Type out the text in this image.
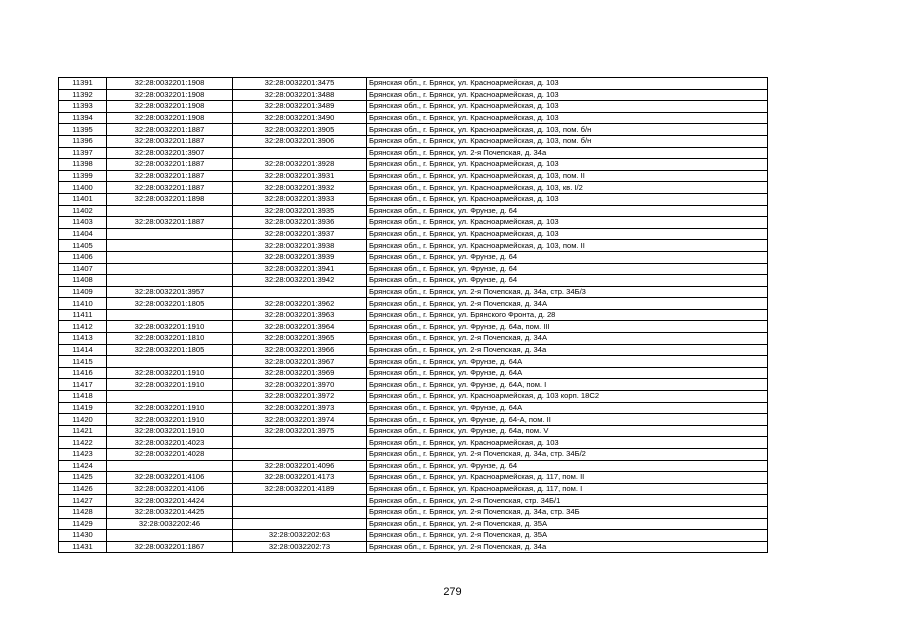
11391	32:28:0032201:1908	32:28:0032201:3475	Брянская обл., г. Брянск, ул. Красноармейская, д. 103
11392	32:28:0032201:1908	32:28:0032201:3488	Брянская обл., г. Брянск, ул. Красноармейская, д. 103
11393	32:28:0032201:1908	32:28:0032201:3489	Брянская обл., г. Брянск, ул. Красноармейская, д. 103
11394	32:28:0032201:1908	32:28:0032201:3490	Брянская обл., г. Брянск, ул. Красноармейская, д. 103
11395	32:28:0032201:1887	32:28:0032201:3905	Брянская обл., г. Брянск, ул. Красноармейская, д. 103, пом. б/н
11396	32:28:0032201:1887	32:28:0032201:3906	Брянская обл., г. Брянск, ул. Красноармейская, д. 103, пом. б/н
11397	32:28:0032201:3907		Брянская обл., г. Брянск, ул. 2-я Почепская, д. 34а
11398	32:28:0032201:1887	32:28:0032201:3928	Брянская обл., г. Брянск, ул. Красноармейская, д. 103
11399	32:28:0032201:1887	32:28:0032201:3931	Брянская обл., г. Брянск, ул. Красноармейская, д. 103, пом. II
11400	32:28:0032201:1887	32:28:0032201:3932	Брянская обл., г. Брянск, ул. Красноармейская, д. 103, кв. I/2
11401	32:28:0032201:1898	32:28:0032201:3933	Брянская обл., г. Брянск, ул. Красноармейская, д. 103
11402		32:28:0032201:3935	Брянская обл., г. Брянск, ул. Фрунзе, д. 64
11403	32:28:0032201:1887	32:28:0032201:3936	Брянская обл., г. Брянск, ул. Красноармейская, д. 103
11404		32:28:0032201:3937	Брянская обл., г. Брянск, ул. Красноармейская, д. 103
11405		32:28:0032201:3938	Брянская обл., г. Брянск, ул. Красноармейская, д. 103, пом. II
11406		32:28:0032201:3939	Брянская обл., г. Брянск, ул. Фрунзе, д. 64
11407		32:28:0032201:3941	Брянская обл., г. Брянск, ул. Фрунзе, д. 64
11408		32:28:0032201:3942	Брянская обл., г. Брянск, ул. Фрунзе, д. 64
11409	32:28:0032201:3957		Брянская обл., г. Брянск, ул. 2-я Почепская, д. 34а, стр. 34Б/3
11410	32:28:0032201:1805	32:28:0032201:3962	Брянская обл., г. Брянск, ул. 2-я Почепская, д. 34А
11411		32:28:0032201:3963	Брянская обл., г. Брянск, ул. Брянского Фронта, д. 28
11412	32:28:0032201:1910	32:28:0032201:3964	Брянская обл., г. Брянск, ул. Фрунзе, д. 64а, пом. III
11413	32:28:0032201:1810	32:28:0032201:3965	Брянская обл., г. Брянск, ул. 2-я Почепская, д. 34А
11414	32:28:0032201:1805	32:28:0032201:3966	Брянская обл., г. Брянск, ул. 2-я Почепская, д. 34а
11415		32:28:0032201:3967	Брянская обл., г. Брянск, ул. Фрунзе, д. 64А
11416	32:28:0032201:1910	32:28:0032201:3969	Брянская обл., г. Брянск, ул. Фрунзе, д. 64А
11417	32:28:0032201:1910	32:28:0032201:3970	Брянская обл., г. Брянск, ул. Фрунзе, д. 64А, пом. I
11418		32:28:0032201:3972	Брянская обл., г. Брянск, ул. Красноармейская, д. 103 корп. 18С2
11419	32:28:0032201:1910	32:28:0032201:3973	Брянская обл., г. Брянск, ул. Фрунзе, д. 64А
11420	32:28:0032201:1910	32:28:0032201:3974	Брянская обл., г. Брянск, ул. Фрунзе, д. 64-А, пом. II
11421	32:28:0032201:1910	32:28:0032201:3975	Брянская обл., г. Брянск, ул. Фрунзе, д. 64а, пом. V
11422	32:28:0032201:4023		Брянская обл., г. Брянск, ул. Красноармейская, д. 103
11423	32:28:0032201:4028		Брянская обл., г. Брянск, ул. 2-я Почепская, д. 34а, стр. 34Б/2
11424		32:28:0032201:4096	Брянская обл., г. Брянск, ул. Фрунзе, д. 64
11425	32:28:0032201:4106	32:28:0032201:4173	Брянская обл., г. Брянск, ул. Красноармейская, д. 117, пом. II
11426	32:28:0032201:4106	32:28:0032201:4189	Брянская обл., г. Брянск, ул. Красноармейская, д. 117, пом. I
11427	32:28:0032201:4424		Брянская обл., г. Брянск, ул. 2-я Почепская, стр. 34Б/1
11428	32:28:0032201:4425		Брянская обл., г. Брянск, ул. 2-я Почепская, д. 34а, стр. 34Б
11429	32:28:0032202:46		Брянская обл., г. Брянск, ул. 2-я Почепская, д. 35А
11430		32:28:0032202:63	Брянская обл., г. Брянск, ул. 2-я Почепская, д. 35А
11431	32:28:0032201:1867	32:28:0032202:73	Брянская обл., г. Брянск, ул. 2-я Почепская, д. 34а
279
